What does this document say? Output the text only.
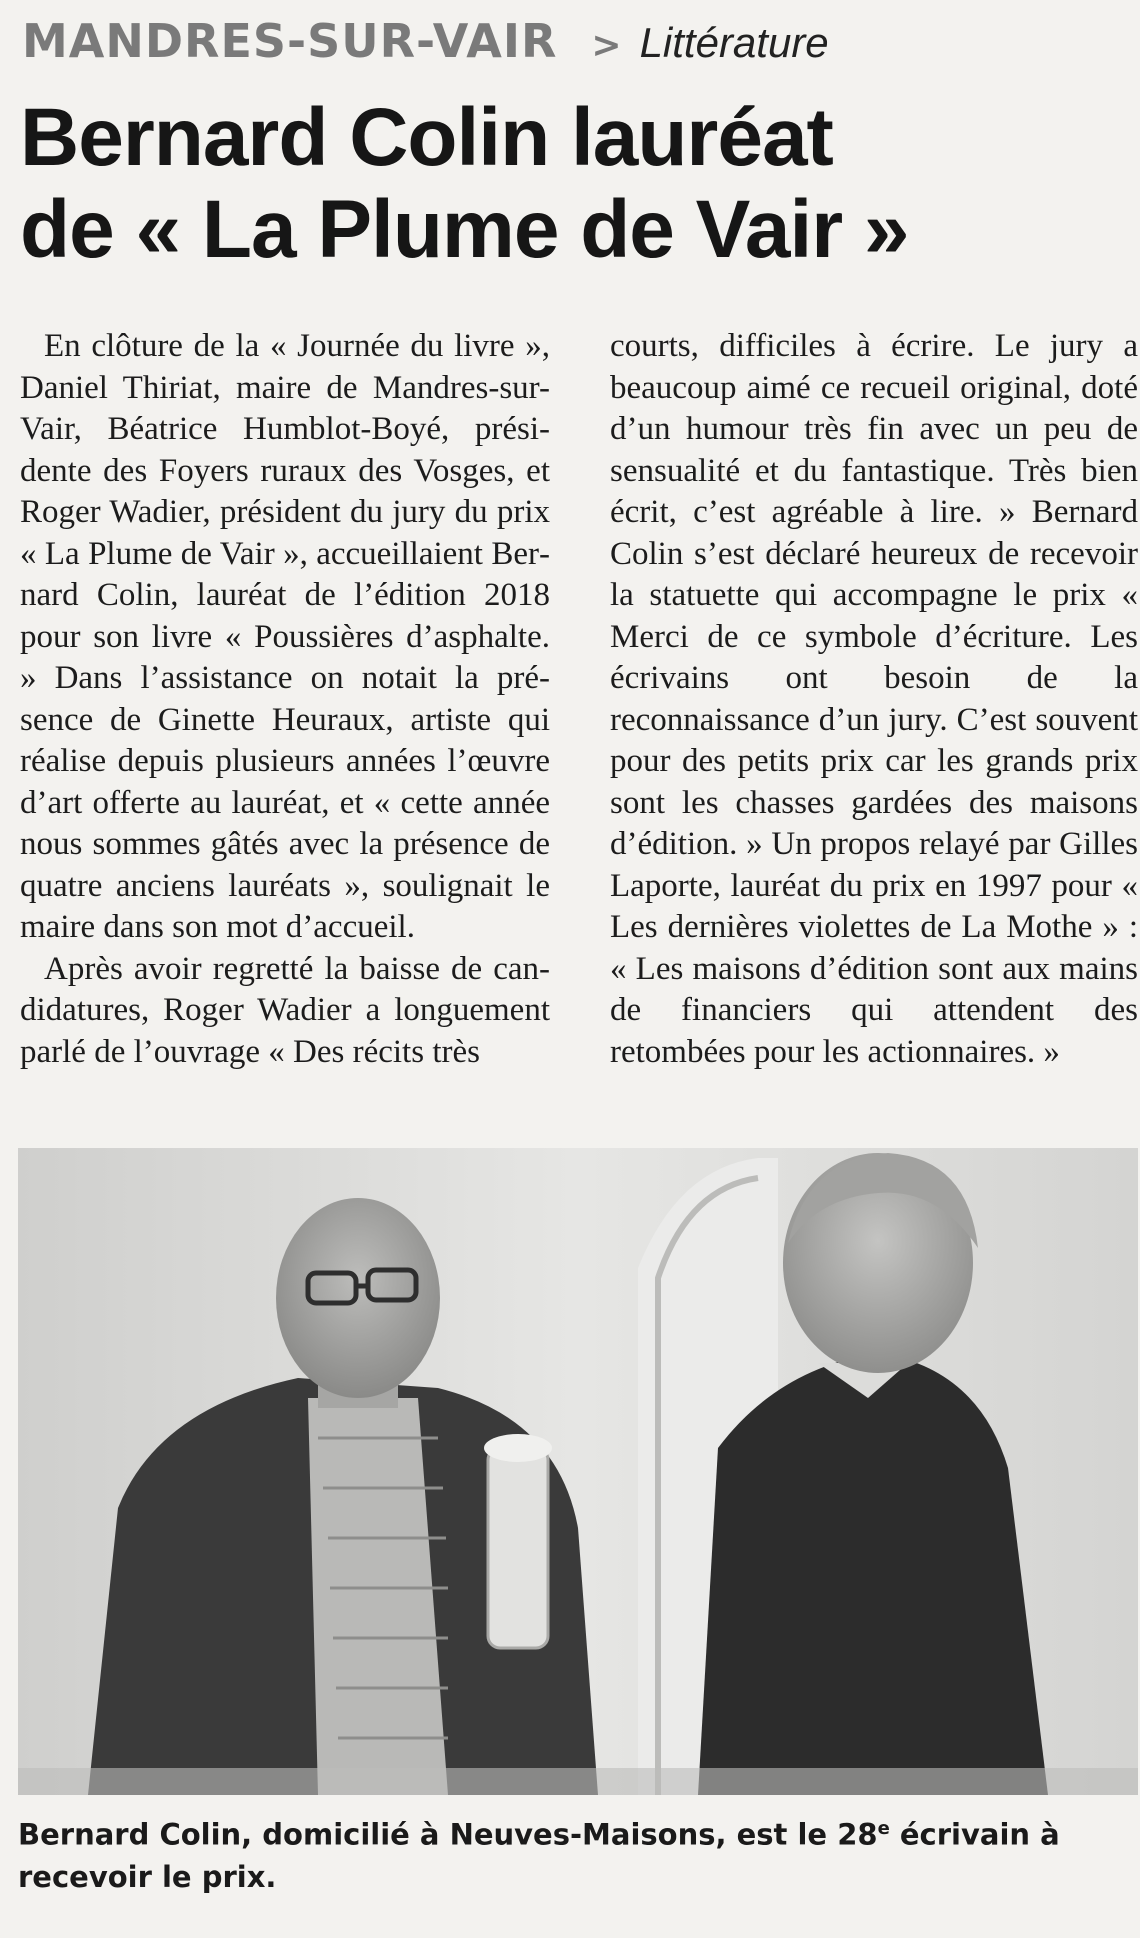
MANDRES-SUR-VAIR > Littérature
Bernard Colin lauréat
de « La Plume de Vair »

En clôture de la « Journée du livre », Daniel Thiriat, maire de Mandres-sur-Vair, Béatrice Humblot-Boyé, présidente des Foyers ruraux des Vosges, et Roger Wadier, président du jury du prix « La Plume de Vair », accueillaient Bernard Colin, lauréat de l’édition 2018 pour son livre « Poussières d’asphalte. » Dans l’assistance on notait la présence de Ginette Heuraux, artiste qui réalise depuis plusieurs années l’œuvre d’art offerte au lauréat, et « cette année nous sommes gâtés avec la présence de quatre anciens lauréats », soulignait le maire dans son mot d’accueil.

Après avoir regretté la baisse de candidatures, Roger Wadier a longuement parlé de l’ouvrage « Des récits très

courts, difficiles à écrire. Le jury a beaucoup aimé ce recueil original, doté d’un humour très fin avec un peu de sensualité et du fantastique. Très bien écrit, c’est agréable à lire. » Bernard Colin s’est déclaré heureux de recevoir la statuette qui accompagne le prix « Merci de ce symbole d’écriture. Les écrivains ont besoin de la reconnaissance d’un jury. C’est souvent pour des petits prix car les grands prix sont les chasses gardées des maisons d’édition. » Un propos relayé par Gilles Laporte, lauréat du prix en 1997 pour « Les dernières violettes de La Mothe » : « Les maisons d’édition sont aux mains de financiers qui attendent des retombées pour les actionnaires. »

Bernard Colin, domicilié à Neuves-Maisons, est le 28e écrivain à recevoir le prix.
